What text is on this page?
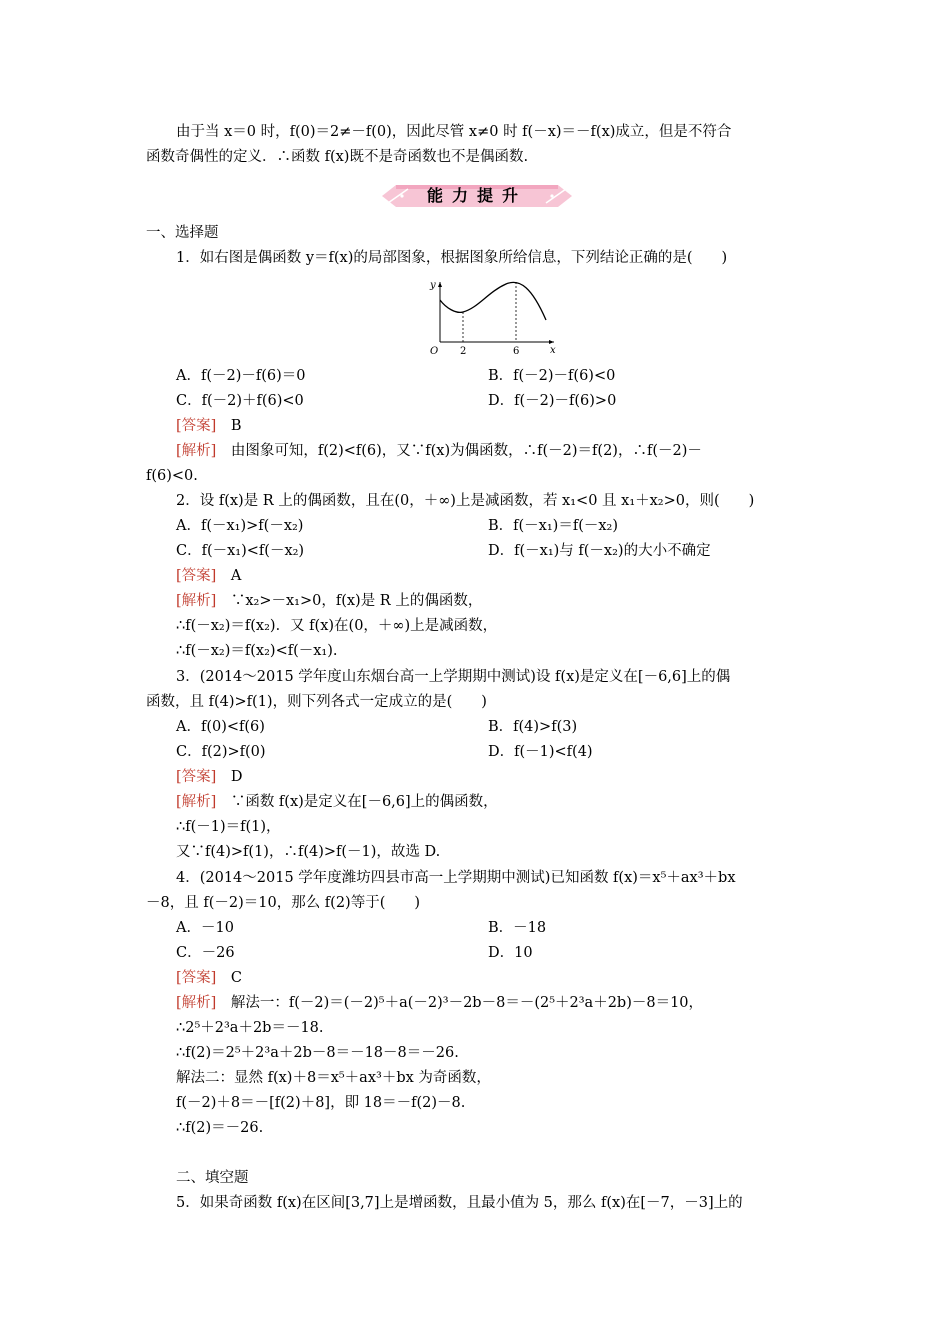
由于当 x＝0 时，f(0)＝2≠－f(0)，因此尽管 x≠0 时 f(－x)＝－f(x)成立，但是不符合
函数奇偶性的定义．∴函数 f(x)既不是奇函数也不是偶函数.
能力提升
一、选择题
1．如右图是偶函数 y＝f(x)的局部图象，根据图象所给信息，下列结论正确的是(　　)
y
x
O 2	6
A．f(－2)－f(6)＝0	B．f(－2)－f(6)<0
C．f(－2)＋f(6)<0	D．f(－2)－f(6)>0
[答案]　 B
[解析]　 由图象可知，f(2)<f(6)，又∵f(x)为偶函数，∴f(－2)＝f(2)，∴f(－2)－
f(6)<0.
2．设 f(x)是 R 上的偶函数，且在(0，＋∞)上是减函数，若 x₁<0 且 x₁＋x₂>0，则(　　)
A．f(－x₁)>f(－x₂)	B．f(－x₁)＝f(－x₂)
C．f(－x₁)<f(－x₂)	D．f(－x₁)与 f(－x₂)的大小不确定
[答案]　 A
[解析]　 ∵x₂>－x₁>0，f(x)是 R 上的偶函数，
∴f(－x₂)＝f(x₂)．又 f(x)在(0，＋∞)上是减函数，
∴f(－x₂)＝f(x₂)<f(－x₁).
3．(2014～2015 学年度山东烟台高一上学期期中测试)设 f(x)是定义在[－6,6]上的偶
函数，且 f(4)>f(1)，则下列各式一定成立的是(　　)
A．f(0)<f(6)	B．f(4)>f(3)
C．f(2)>f(0)	D．f(－1)<f(4)
[答案]　 D
[解析]　 ∵函数 f(x)是定义在[－6,6]上的偶函数，
∴f(－1)＝f(1)，
又∵f(4)>f(1)，∴f(4)>f(－1)，故选 D.
4．(2014～2015 学年度潍坊四县市高一上学期期中测试)已知函数 f(x)＝x⁵＋ax³＋bx
－8，且 f(－2)＝10，那么 f(2)等于(　　)
A．－10	B．－18
C．－26	D．10
[答案]　 C
[解析]　 解法一：f(－2)＝(－2)⁵＋a(－2)³－2b－8＝－(2⁵＋2³a＋2b)－8＝10，
∴2⁵＋2³a＋2b＝－18.
∴f(2)＝2⁵＋2³a＋2b－8＝－18－8＝－26.
解法二：显然 f(x)＋8＝x⁵＋ax³＋bx 为奇函数，
f(－2)＋8＝－[f(2)＋8]，即 18＝－f(2)－8.
∴f(2)＝－26.
二、填空题
5．如果奇函数 f(x)在区间[3,7]上是增函数，且最小值为 5，那么 f(x)在[－7，－3]上的
